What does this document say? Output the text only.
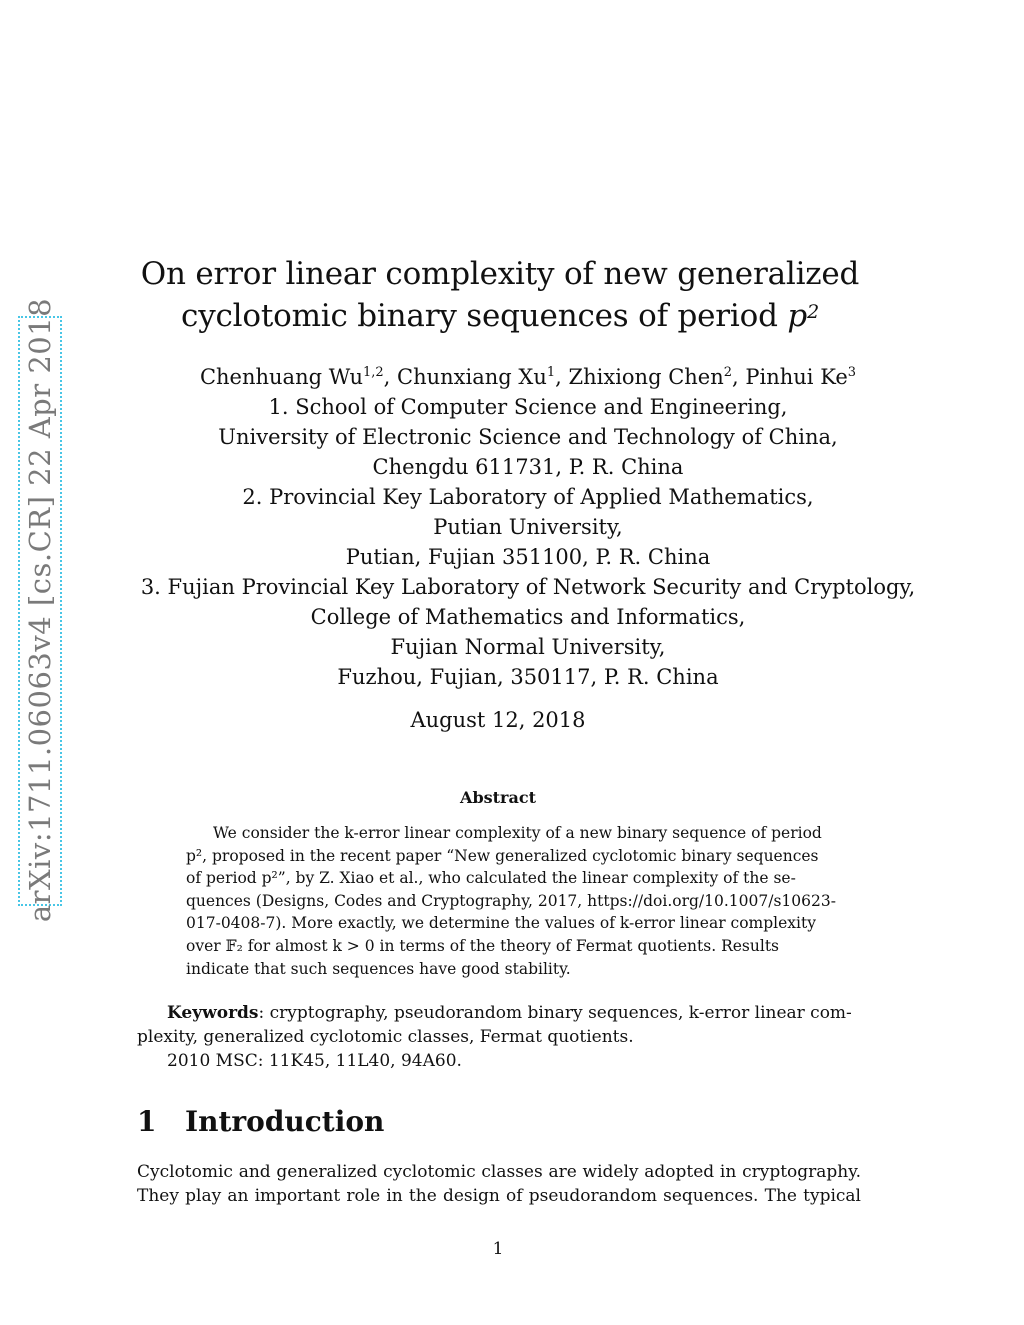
arXiv:1711.06063v4 [cs.CR] 22 Apr 2018
On error linear complexity of new generalized
cyclotomic binary sequences of period $p^2$
Chenhuang Wu$^{1,2}$, Chunxiang Xu$^1$, Zhixiong Chen$^2$, Pinhui Ke$^3$
1. School of Computer Science and Engineering,
University of Electronic Science and Technology of China,
Chengdu 611731, P. R. China
2. Provincial Key Laboratory of Applied Mathematics,
Putian University,
Putian, Fujian 351100, P. R. China
3. Fujian Provincial Key Laboratory of Network Security and Cryptology,
College of Mathematics and Informatics,
Fujian Normal University,
Fuzhou, Fujian, 350117, P. R. China
August 12, 2018
Abstract
We consider the k-error linear complexity of a new binary sequence of period
p², proposed in the recent paper “New generalized cyclotomic binary sequences
of period p²”, by Z. Xiao et al., who calculated the linear complexity of the se-
quences (Designs, Codes and Cryptography, 2017, https://doi.org/10.1007/s10623-
017-0408-7). More exactly, we determine the values of k-error linear complexity
over 𝔽₂ for almost k > 0 in terms of the theory of Fermat quotients. Results
indicate that such sequences have good stability.
Keywords: cryptography, pseudorandom binary sequences, k-error linear com-
plexity, generalized cyclotomic classes, Fermat quotients.
2010 MSC: 11K45, 11L40, 94A60.
1 Introduction
Cyclotomic and generalized cyclotomic classes are widely adopted in cryptography.
They play an important role in the design of pseudorandom sequences. The typical
1
